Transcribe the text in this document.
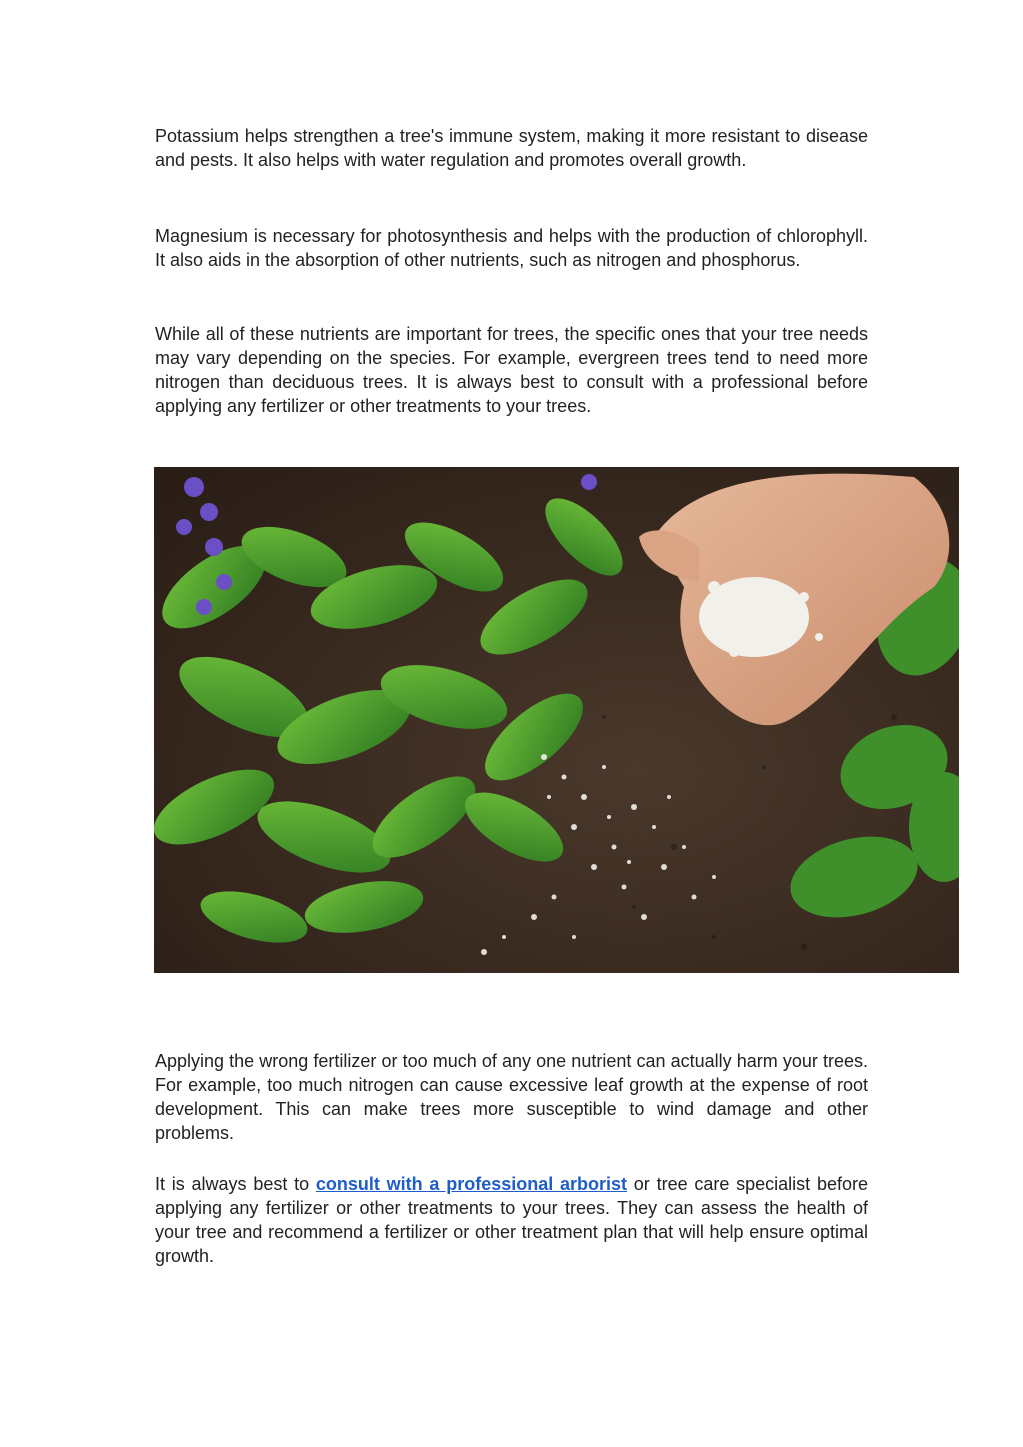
Potassium helps strengthen a tree's immune system, making it more resistant to disease and pests. It also helps with water regulation and promotes overall growth.

Magnesium is necessary for photosynthesis and helps with the production of chlorophyll. It also aids in the absorption of other nutrients, such as nitrogen and phosphorus.

While all of these nutrients are important for trees, the specific ones that your tree needs may vary depending on the species. For example, evergreen trees tend to need more nitrogen than deciduous trees. It is always best to consult with a professional before applying any fertilizer or other treatments to your trees.

Applying the wrong fertilizer or too much of any one nutrient can actually harm your trees. For example, too much nitrogen can cause excessive leaf growth at the expense of root development. This can make trees more susceptible to wind damage and other problems.

It is always best to consult with a professional arborist or tree care specialist before applying any fertilizer or other treatments to your trees. They can assess the health of your tree and recommend a fertilizer or other treatment plan that will help ensure optimal growth.
